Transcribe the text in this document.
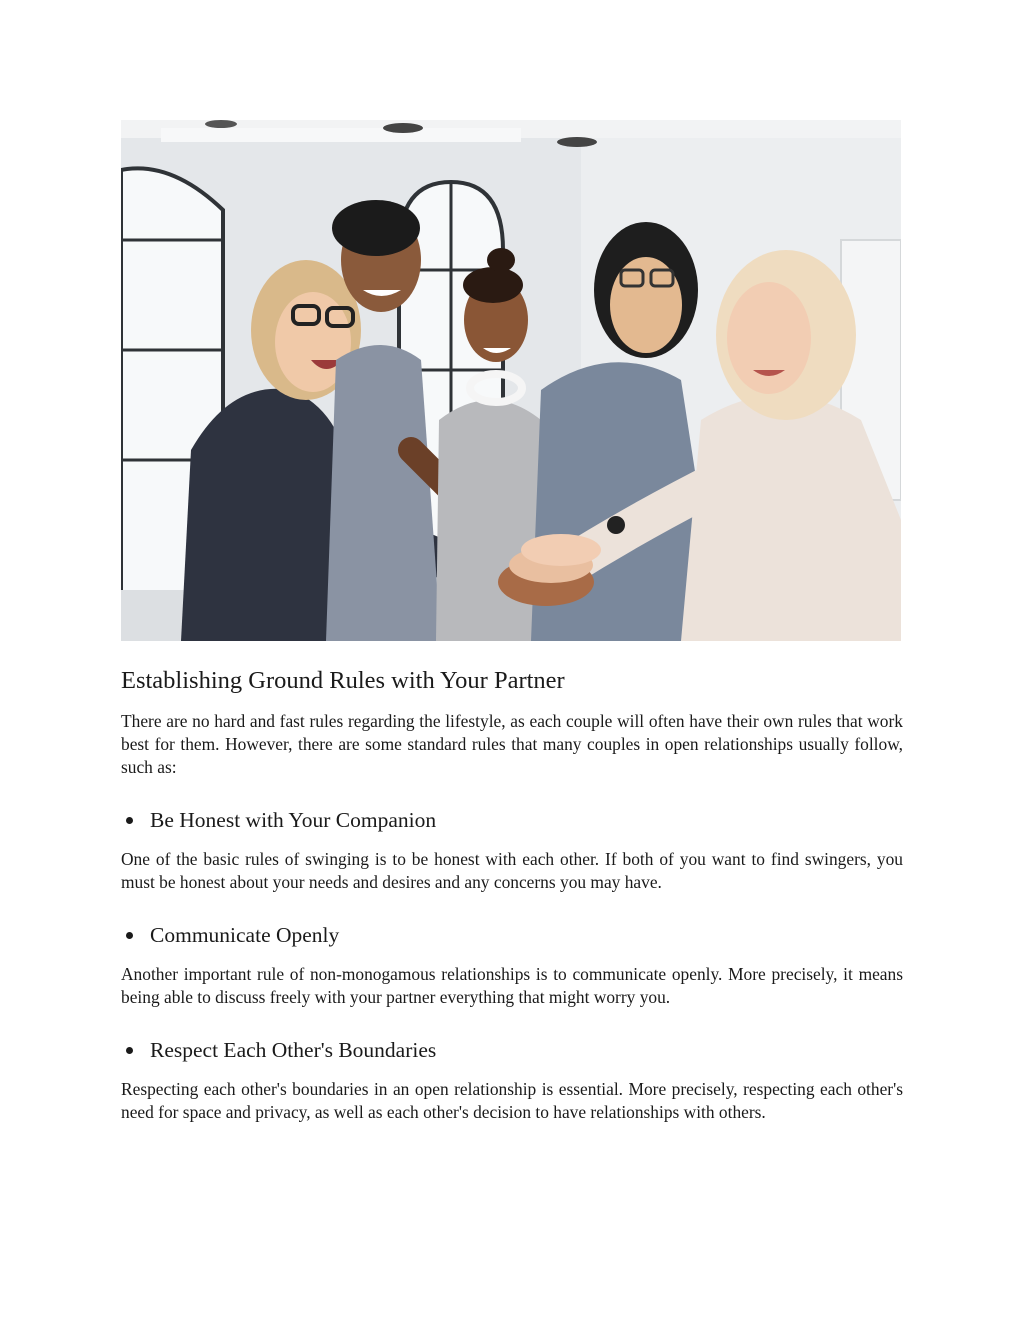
Establishing Ground Rules with Your Partner

There are no hard and fast rules regarding the lifestyle, as each couple will often have their own rules that work best for them. However, there are some standard rules that many couples in open relationships usually follow, such as:

Be Honest with Your Companion

One of the basic rules of swinging is to be honest with each other. If both of you want to find swingers, you must be honest about your needs and desires and any concerns you may have.

Communicate Openly

Another important rule of non-monogamous relationships is to communicate openly. More precisely, it means being able to discuss freely with your partner everything that might worry you.

Respect Each Other's Boundaries

Respecting each other's boundaries in an open relationship is essential. More precisely, respecting each other's need for space and privacy, as well as each other's decision to have relationships with others.
